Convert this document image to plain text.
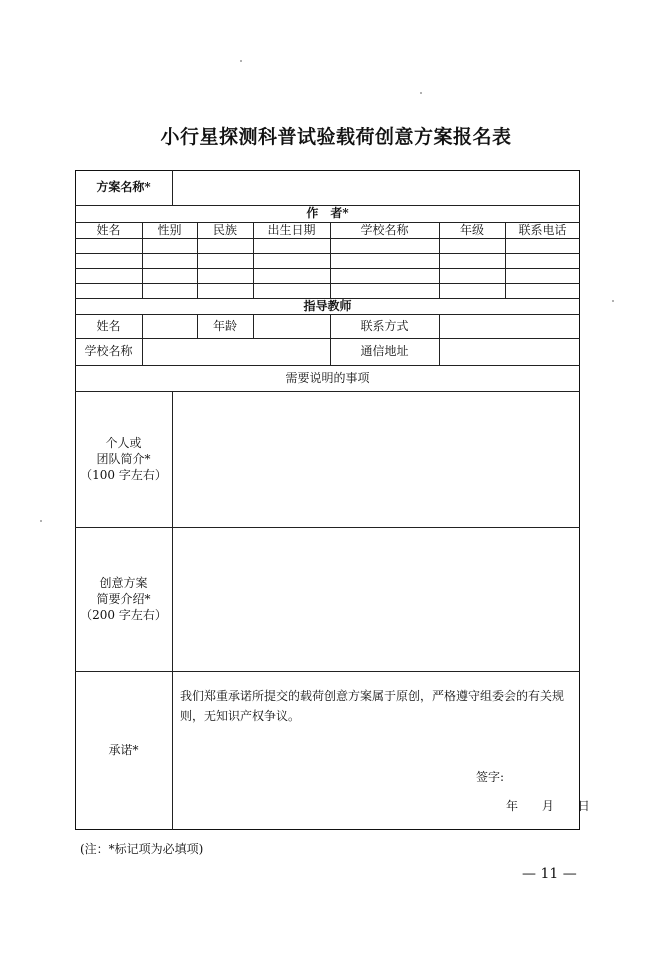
小行星探测科普试验载荷创意方案报名表
方案名称*
作　者*
姓名	性别	民族	出生日期	学校名称	年级	联系电话
指导教师
姓名	年龄	联系方式
学校名称	通信地址
需要说明的事项
个人或
团队简介*
（100 字左右）
创意方案
简要介绍*
（200 字左右）
承诺*
我们郑重承诺所提交的载荷创意方案属于原创，严格遵守组委会的有关规则，无知识产权争议。
签字:
年 月 日
(注：*标记项为必填项)
— 11 —
